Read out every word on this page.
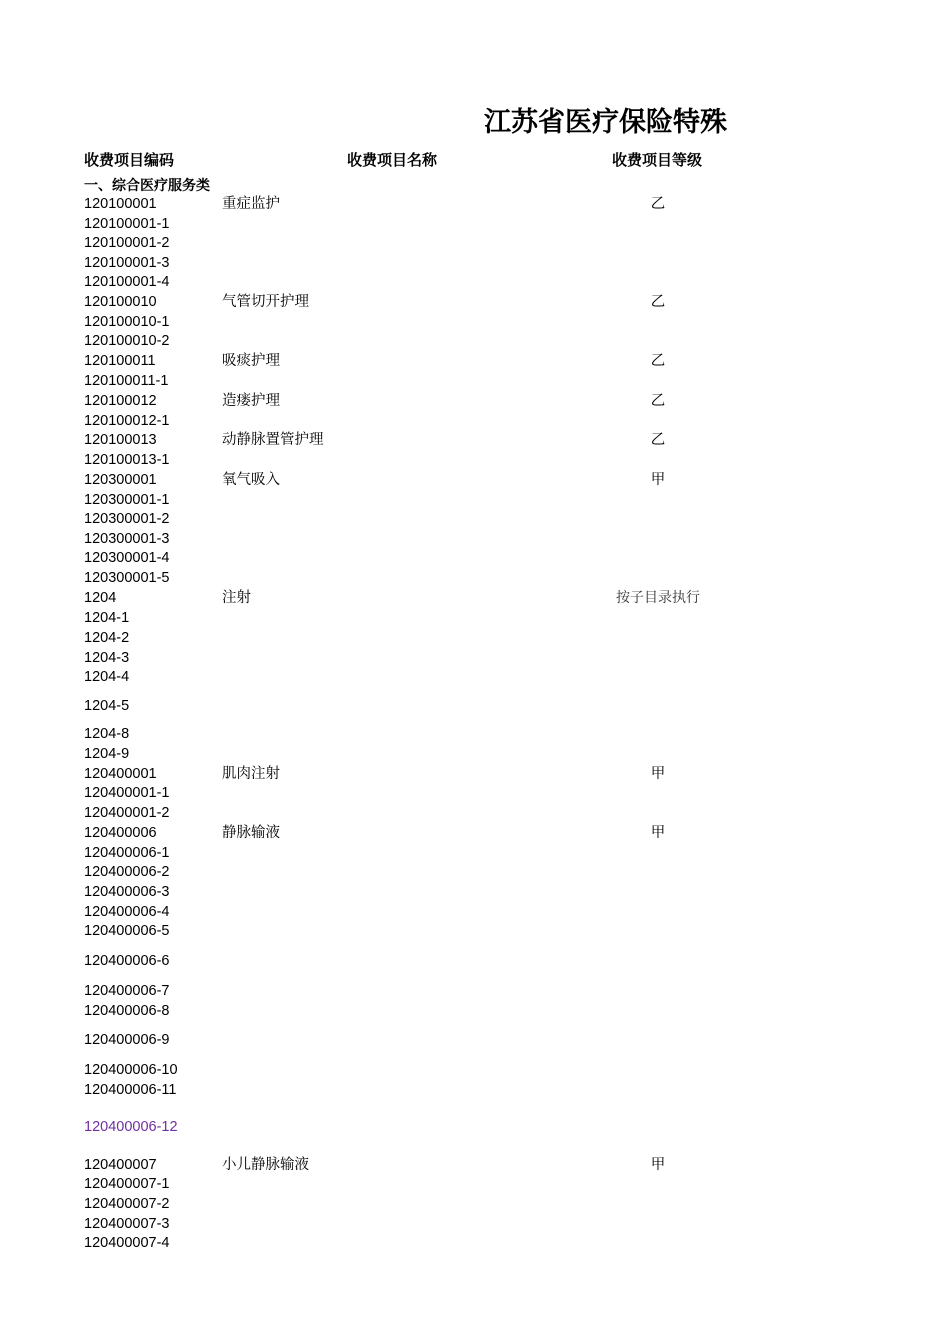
江苏省医疗保险特殊
收费项目编码	收费项目名称	收费项目等级
一、综合医疗服务类
120100001	重症监护	乙
120100001-1
120100001-2
120100001-3
120100001-4
120100010	气管切开护理	乙
120100010-1
120100010-2
120100011	吸痰护理	乙
120100011-1
120100012	造瘘护理	乙
120100012-1
120100013	动静脉置管护理	乙
120100013-1
120300001	氧气吸入	甲
120300001-1
120300001-2
120300001-3
120300001-4
120300001-5
1204	注射	按子目录执行
1204-1
1204-2
1204-3
1204-4
1204-5
1204-8
1204-9
120400001	肌肉注射	甲
120400001-1
120400001-2
120400006	静脉输液	甲
120400006-1
120400006-2
120400006-3
120400006-4
120400006-5
120400006-6
120400006-7
120400006-8
120400006-9
120400006-10
120400006-11
120400006-12
120400007	小儿静脉输液	甲
120400007-1
120400007-2
120400007-3
120400007-4
